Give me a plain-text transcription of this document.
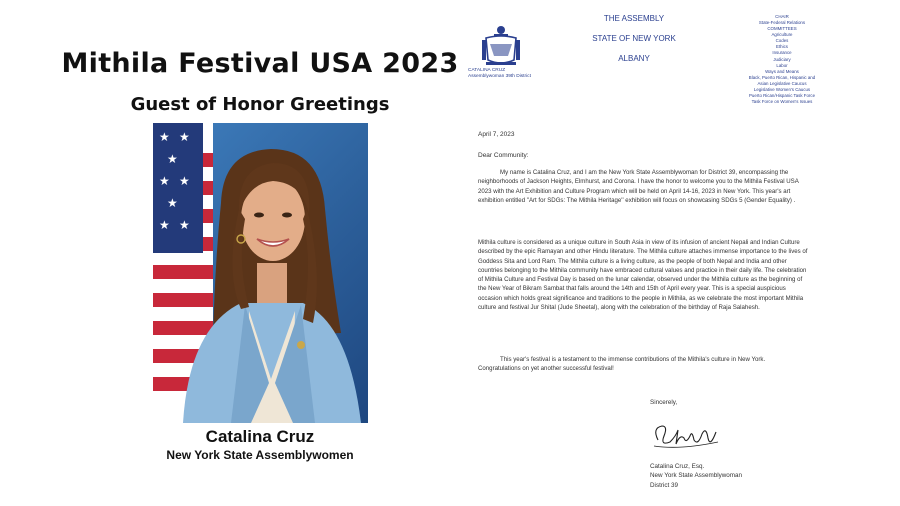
Mithila Festival USA 2023
Guest of Honor Greetings
★ ★
★
★ ★
★
★ ★
Catalina Cruz
New York State Assemblywomen
CATALINA CRUZ
Assemblywoman 39th District
THE ASSEMBLY
STATE OF NEW YORK
ALBANY
CHAIR
State-Federal Relations
COMMITTEES
Agriculture
Codes
Ethics
Insurance
Judiciary
Labor
Ways and Means
Black, Puerto Rican, Hispanic and
Asian Legislative Caucus
Legislative Women's Caucus
Puerto Rican/Hispanic Task Force
Task Force on Women's Issues
April 7, 2023
Dear Community:

My name is Catalina Cruz, and I am the New York State Assemblywoman for District 39, encompassing the neighborhoods of Jackson Heights, Elmhurst, and Corona. I have the honor to welcome you to the Mithila Festival USA 2023 with the Art Exhibition and Culture Program which will be held on April 14-16, 2023 in New York. This year's art exhibition entitled "Art for SDGs: The Mithila Heritage'' exhibition will focus on showcasing SDGs 5 (Gender Equality) .

Mithila culture is considered as a unique culture in South Asia in view of its infusion of ancient Nepali and Indian Culture described by the epic Ramayan and other Hindu literature. The Mithila culture attaches immense importance to the lives of Goddess Sita and Lord Ram. The Mithila culture is a living culture, as the people of both Nepal and India and other countries belonging to the Mithila community have embraced cultural values and practice in their daily life. The celebration of Mithila Culture and Festival Day is based on the lunar calendar, observed under the Mithila culture as the beginning of the New Year of Bikram Sambat that falls around the 14th and 15th of April every year. This is a special auspicious occasion which holds great significance and traditions to the people in Mithila, as we celebrate the most important Mithila culture and festival Jur Shital (Jude Sheetal), along with the celebration of the birthday of Raja Salahesh.

This year's festival is a testament to the immense contributions of the Mithila's culture in New York. Congratulations on yet another successful festival!

Sincerely,
Catalina Cruz, Esq.
New York State Assemblywoman
District 39
